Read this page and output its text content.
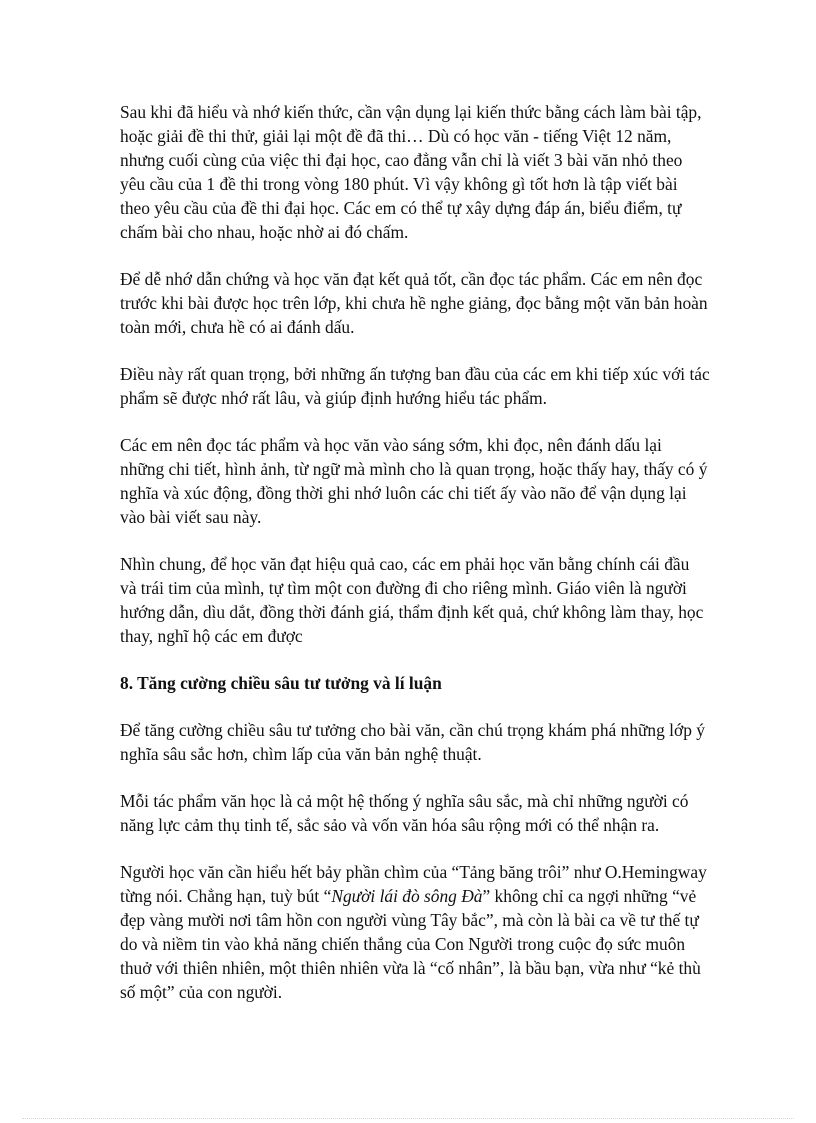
Sau khi đã hiểu và nhớ kiến thức, cần vận dụng lại kiến thức bằng cách làm bài tập, hoặc giải đề thi thử, giải lại một đề đã thi… Dù có học văn - tiếng Việt 12 năm, nhưng cuối cùng của việc thi đại học, cao đẳng vẫn chỉ là viết 3 bài văn nhỏ theo yêu cầu của 1 đề thi trong vòng 180 phút. Vì vậy không gì tốt hơn là tập viết bài theo yêu cầu của đề thi đại học. Các em có thể tự xây dựng đáp án, biểu điểm, tự chấm bài cho nhau, hoặc nhờ ai đó chấm.

Để dễ nhớ dẫn chứng và học văn đạt kết quả tốt, cần đọc tác phẩm. Các em nên đọc trước khi bài được học trên lớp, khi chưa hề nghe giảng, đọc bằng một văn bản hoàn toàn mới, chưa hề có ai đánh dấu.

Điều này rất quan trọng, bởi những ấn tượng ban đầu của các em khi tiếp xúc với tác phẩm sẽ được nhớ rất lâu, và giúp định hướng hiểu tác phẩm.

Các em nên đọc tác phẩm và học văn vào sáng sớm, khi đọc, nên đánh dấu lại những chi tiết, hình ảnh, từ ngữ mà mình cho là quan trọng, hoặc thấy hay, thấy có ý nghĩa và xúc động, đồng thời ghi nhớ luôn các chi tiết ấy vào não để vận dụng lại vào bài viết sau này.

Nhìn chung, để học văn đạt hiệu quả cao, các em phải học văn bằng chính cái đầu và trái tim của mình, tự tìm một con đường đi cho riêng mình. Giáo viên là người hướng dẫn, dìu dắt, đồng thời đánh giá, thẩm định kết quả, chứ không làm thay, học thay, nghĩ hộ các em được

8. Tăng cường chiều sâu tư tưởng và lí luận

Để tăng cường chiều sâu tư tưởng cho bài văn, cần chú trọng khám phá những lớp ý nghĩa sâu sắc hơn, chìm lấp của văn bản nghệ thuật.

Mỗi tác phẩm văn học là cả một hệ thống ý nghĩa sâu sắc, mà chỉ những người có năng lực cảm thụ tinh tế, sắc sảo và vốn văn hóa sâu rộng mới có thể nhận ra.

Người học văn cần hiểu hết bảy phần chìm của “Tảng băng trôi” như O.Hemingway từng nói. Chẳng hạn, tuỳ bút “Người lái đò sông Đà” không chỉ ca ngợi những “vẻ đẹp vàng mười nơi tâm hồn con người vùng Tây bắc”, mà còn là bài ca về tư thế tự do và niềm tin vào khả năng chiến thắng của Con Người trong cuộc đọ sức muôn thuở với thiên nhiên, một thiên nhiên vừa là “cố nhân”, là bầu bạn, vừa như “kẻ thù số một” của con người.
